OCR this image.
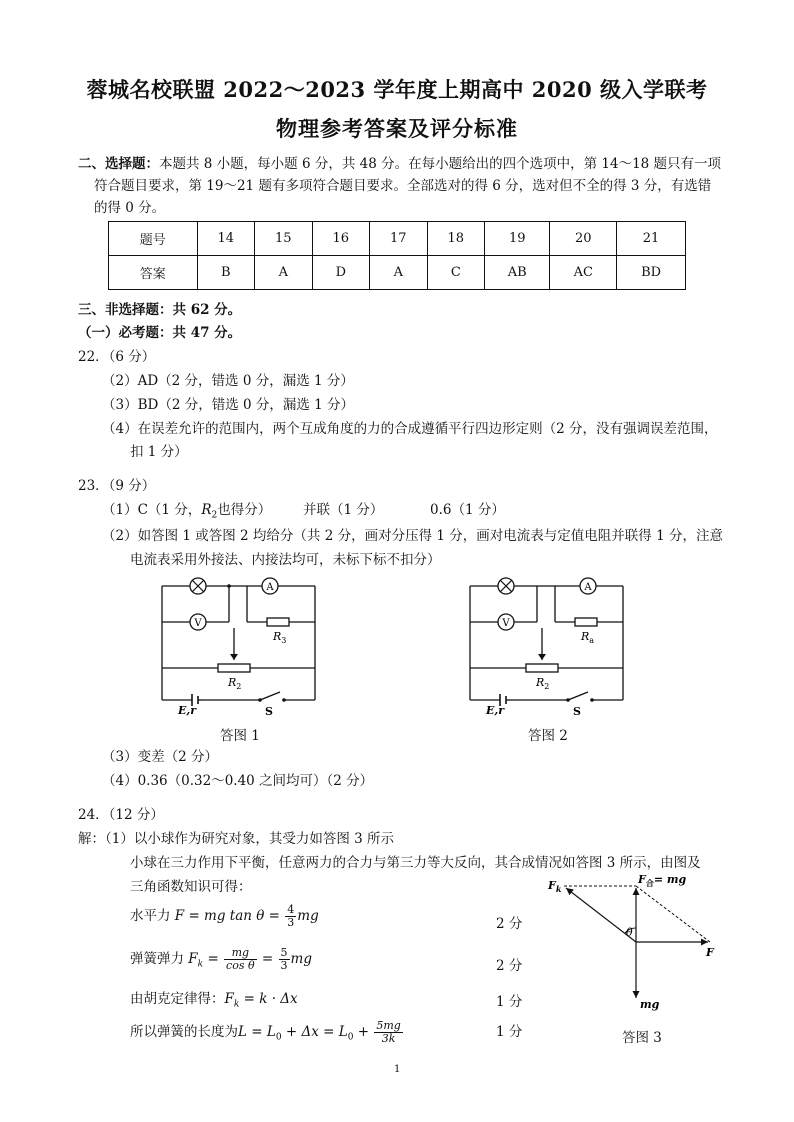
蓉城名校联盟 2022～2023 学年度上期高中 2020 级入学联考
物理参考答案及评分标准
二、选择题：本题共 8 小题，每小题 6 分，共 48 分。在每小题给出的四个选项中，第 14～18 题只有一项
符合题目要求，第 19～21 题有多项符合题目要求。全部选对的得 6 分，选对但不全的得 3 分，有选错
的得 0 分。
题号	14	15	16	17	18	19	20	21
答案	B	A	D	A	C	AB	AC	BD
三、非选择题：共 62 分。
（一）必考题：共 47 分。
22．（6 分）
（2）AD（2 分，错选 0 分，漏选 1 分）
（3）BD（2 分，错选 0 分，漏选 1 分）
（4）在误差允许的范围内，两个互成角度的力的合成遵循平行四边形定则（2 分，没有强调误差范围，
扣 1 分）
23．（9 分）
（1）C（1 分，$R_2$也得分） 并联（1 分）	0.6（1 分）
（2）如答图 1 或答图 2 均给分（共 2 分，画对分压得 1 分，画对电流表与定值电阻并联得 1 分，注意
电流表采用外接法、内接法均可，未标下标不扣分）
A
V
$R_3$
$R_2$
E,r	S
答图 1
A
V
$R_a$
$R_2$
E,r	S
答图 2
（3）变差（2 分）
（4）0.36（0.32～0.40 之间均可）（2 分）
24．（12 分）
解：（1）以小球作为研究对象，其受力如答图 3 所示
小球在三力作用下平衡，任意两力的合力与第三力等大反向，其合成情况如答图 3 所示，由图及
三角函数知识可得：
水平力 F = mg $\tan \theta = \frac{4}{3}$ mg	2 分
弹簧弹力 $F_k = \frac{mg}{\text{cos θ}} = \frac{5}{3}$ mg	2 分
由胡克定律得：$F_k = k \cdot \Delta x$	1 分
所以弹簧的长度为$L = L_0 + \Delta x = L_0 + \frac{5mg}{3k}$	1 分
$F_k$
$F_合=$ mg
θ
F
mg
答图 3
1
